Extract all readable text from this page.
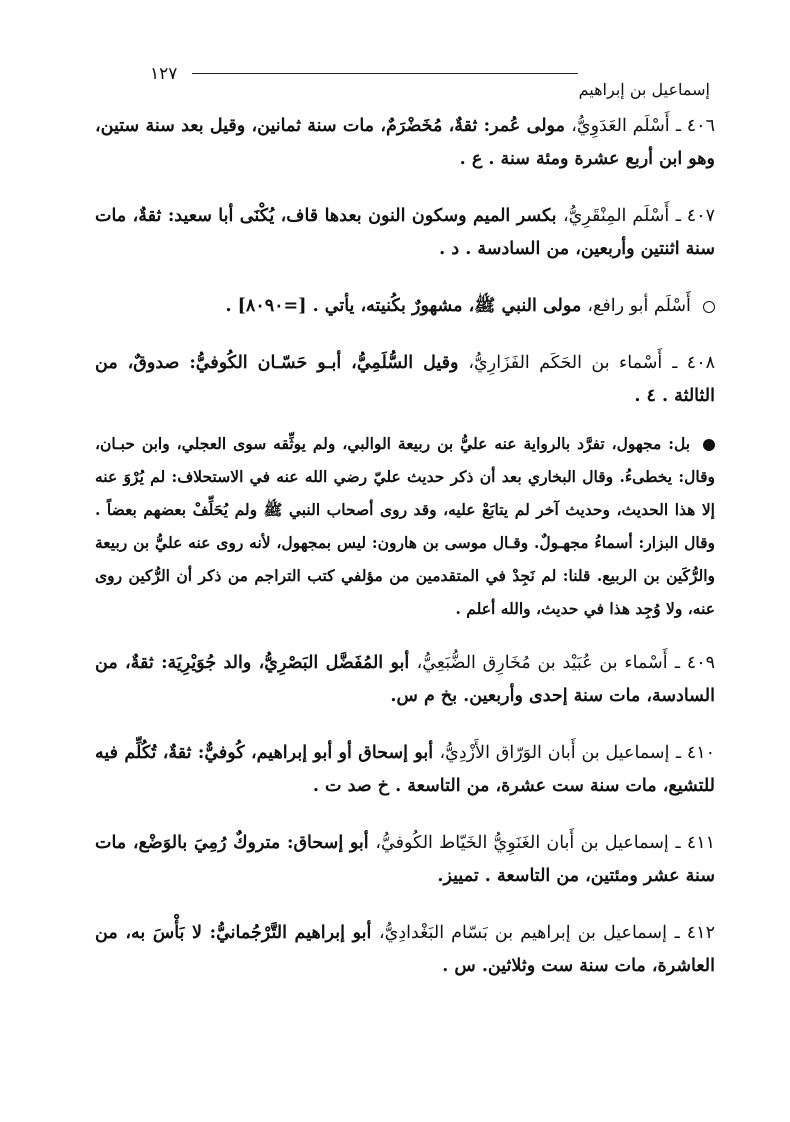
١٢٧
إسماعيل بن إبراهيم

٤٠٦ ـ أَسْلَم العَدَوِيُّ، مولى عُمر: ثقةٌ، مُخَضْرَمٌ، مات سنة ثمانين، وقيل بعد سنة ستين، وهو ابن أربع عشرة ومئة سنة . ع .

٤٠٧ ـ أَسْلَم المِنْقَرِيُّ، بكسر الميم وسكون النون بعدها قاف، يُكْنَى أبا سعيد: ثقةٌ، مات سنة اثنتين وأربعين، من السادسة . د .

أَسْلَم أبو رافع، مولى النبي ﷺ، مشهورٌ بكُنيته، يأتي . [=٨٠٩٠] .

٤٠٨ ـ أَسْماء بن الحَكَم الفَزَارِيُّ، وقيل السُّلَمِيُّ، أبـو حَسّـان الكُوفيُّ: صدوقٌ، من الثالثة . ٤ .

بل: مجهول، تفرَّد بالرواية عنه عليُّ بن ربيعة الوالبي، ولم يوثِّقه سوى العجلي، وابن حبـان، وقال: يخطىءُ. وقال البخاري بعد أن ذكر حديث عليّ رضي الله عنه في الاستحلاف: لم يُرْوَ عنه إلا هذا الحديث، وحديث آخر لم يتابَعْ عليه، وقد روى أصحاب النبي ﷺ ولم يُحَلِّفْ بعضهم بعضاً . وقال البزار: أسماءُ مجهـولٌ. وقـال موسى بن هارون: ليس بمجهول، لأنه روى عنه عليُّ بن ربيعة والرُّكَين بن الربيع. قلنا: لم نَجِدْ في المتقدمين من مؤلفي كتب التراجم من ذكر أن الرُّكين روى عنه، ولا وُجِد هذا في حديث، والله أعلم .

٤٠٩ ـ أَسْماء بن عُبَيْد بن مُخَارِق الضُّبَعِيُّ، أبو المُفَضَّل البَصْرِيُّ، والد جُوَيْرِيَة: ثقةٌ، من السادسة، مات سنة إحدى وأربعين. بخ م س.

٤١٠ ـ إسماعيل بن أَبان الوَرّاق الأَزْدِيُّ، أبو إسحاق أو أبو إبراهيم، كُوفيٌّ: ثقةٌ، تُكُلِّم فيه للتشيع، مات سنة ست عشرة، من التاسعة . خ صد ت .

٤١١ ـ إسماعيل بن أَبان الغَنَوِيُّ الخَيّاط الكُوفيُّ، أبو إسحاق: متروكٌ رُمِيَ بالوَضْع، مات سنة عشر ومئتين، من التاسعة . تمييز.

٤١٢ ـ إسماعيل بن إبراهيم بن بَسّام البَغْدادِيُّ، أبو إبراهيم التَّرْجُمانيُّ: لا بَأْسَ به، من العاشرة، مات سنة ست وثلاثين. س .
